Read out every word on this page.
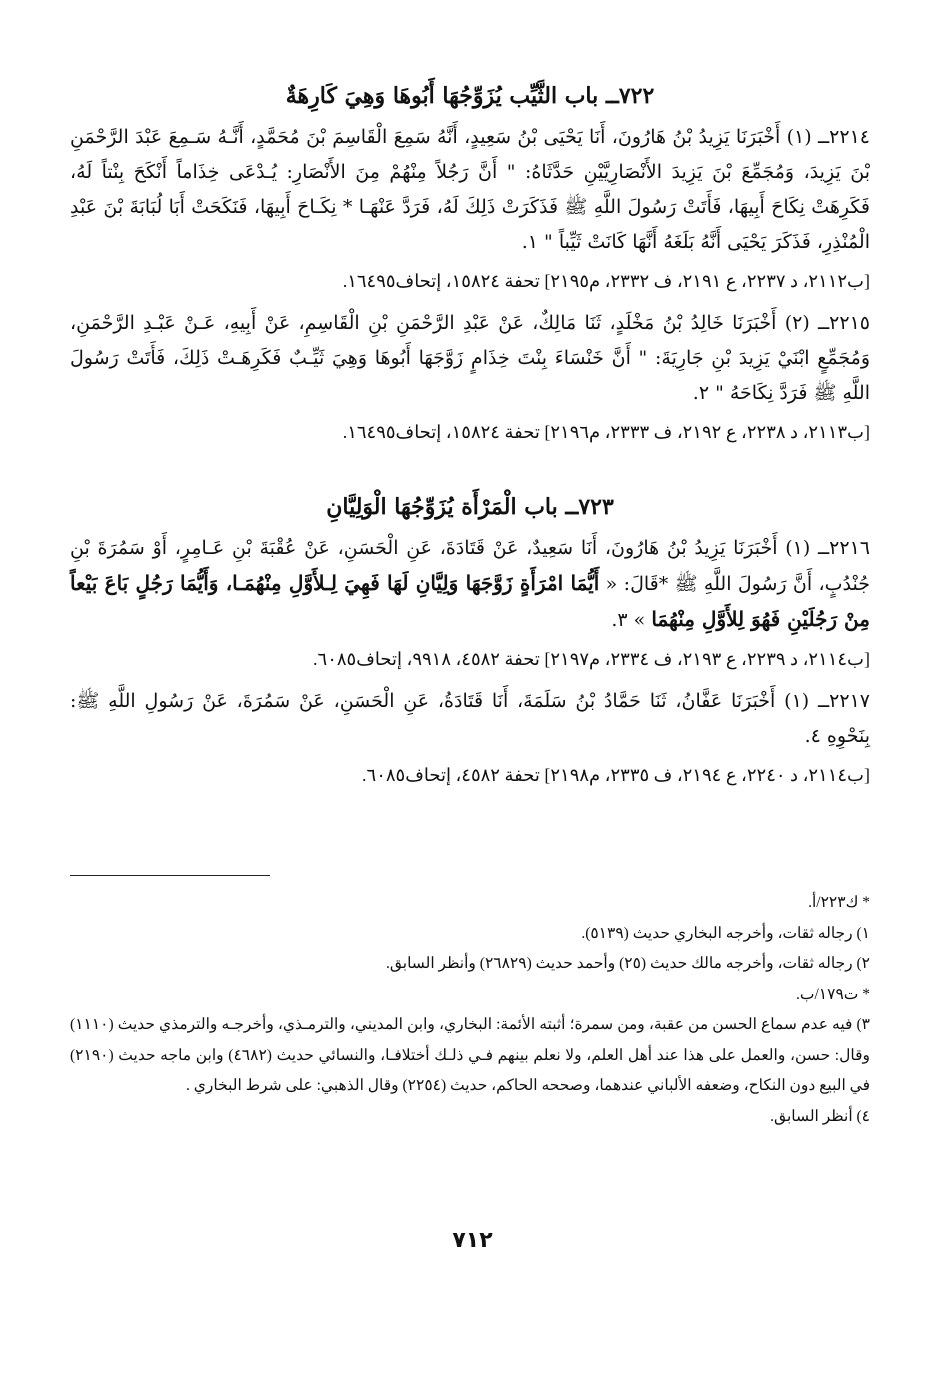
٧٢٢ــ باب الثَّيِّب يُزَوِّجُهَا أَبُوهَا وَهِيَ كَارِهَةٌ

٢٢١٤ــ (١) أَخْبَرَنَا يَزِيدُ بْنُ هَارُونَ، أَنَا يَحْيَى بْنُ سَعِيدٍ، أَنَّهُ سَمِعَ الْقَاسِمَ بْنَ مُحَمَّدٍ، أَنَّـهُ سَـمِعَ عَبْدَ الرَّحْمَنِ بْنَ يَزِيدَ، وَمُجَمِّعَ بْنَ يَزِيدَ الأَنْصَارِيَّيْنِ حَدَّثَاهُ: " أَنَّ رَجُلاً مِنْهُمْ مِنَ الأَنْصَارِ: يُـدْعَى خِذَاماً أَنْكَحَ بِنْتاً لَهُ، فَكَرِهَتْ نِكَاحَ أَبِيهَا، فَأَتَتْ رَسُولَ اللَّهِ ﷺ فَذَكَرَتْ ذَلِكَ لَهُ، فَرَدَّ عَنْهَـا * نِكَـاحَ أَبِيهَا، فَنَكَحَتْ أَبَا لُبَابَةَ بْنَ عَبْدِ الْمُنْذِرِ، فَذَكَرَ يَحْيَى أَنَّهُ بَلَغَهُ أَنَّهَا كَانَتْ ثَيِّباً " ١.

[ب٢١١٢، د ٢٢٣٧، ع ٢١٩١، ف ٢٣٣٢، م٢١٩٥] تحفة ١٥٨٢٤، إتحاف١٦٤٩٥.

٢٢١٥ــ (٢) أَخْبَرَنَا خَالِدُ بْنُ مَخْلَدٍ، ثَنَا مَالِكٌ، عَنْ عَبْدِ الرَّحْمَنِ بْنِ الْقَاسِمِ، عَنْ أَبِيهِ، عَـنْ عَبْـدِ الرَّحْمَنِ، وَمُجَمِّعٍ ابْنَيْ يَزِيدَ بْنِ جَارِيَةَ: " أَنَّ خَنْسَاءَ بِنْتَ خِذَامٍ زَوَّجَهَا أَبُوهَا وَهِيَ ثَيِّـبٌ فَكَرِهَـتْ ذَلِكَ، فَأَتَتْ رَسُولَ اللَّهِ ﷺ فَرَدَّ نِكَاحَهُ " ٢.

[ب٢١١٣، د ٢٢٣٨، ع ٢١٩٢، ف ٢٣٣٣، م٢١٩٦] تحفة ١٥٨٢٤، إتحاف١٦٤٩٥.

٧٢٣ــ باب الْمَرْأَة يُزَوِّجُهَا الْوَلِيَّانِ

٢٢١٦ــ (١) أَخْبَرَنَا يَزِيدُ بْنُ هَارُونَ، أَنَا سَعِيدٌ، عَنْ قَتَادَةَ، عَنِ الْحَسَنِ، عَنْ عُقْبَةَ بْنِ عَـامِرٍ، أَوْ سَمُرَةَ بْنِ جُنْدُبٍ، أَنَّ رَسُولَ اللَّهِ ﷺ *قَالَ: « أَيُّمَا امْرَأَةٍ زَوَّجَهَا وَلِيَّانِ لَهَا فَهِيَ لِـلأَوَّلِ مِنْهُمَـا، وَأَيُّمَا رَجُلٍ بَاعَ بَيْعاً مِنْ رَجُلَيْنِ فَهُوَ لِلأَوَّلِ مِنْهُمَا » ٣.

[ب٢١١٤، د ٢٢٣٩، ع ٢١٩٣، ف ٢٣٣٤، م٢١٩٧] تحفة ٤٥٨٢، ٩٩١٨، إتحاف٦٠٨٥.

٢٢١٧ــ (١) أَخْبَرَنَا عَفَّانُ، ثَنَا حَمَّادُ بْنُ سَلَمَةَ، أَنَا قَتَادَةُ، عَنِ الْحَسَنِ، عَنْ سَمُرَةَ، عَنْ رَسُولِ اللَّهِ ﷺ: بِنَحْوِهِ ٤.

[ب٢١١٤، د ٢٢٤٠، ع ٢١٩٤، ف ٢٣٣٥، م٢١٩٨] تحفة ٤٥٨٢، إتحاف٦٠٨٥.

* ك٢٢٣/أ.

١) رجاله ثقات، وأخرجه البخاري حديث (٥١٣٩).

٢) رجاله ثقات، وأخرجه مالك حديث (٢٥) وأحمد حديث (٢٦٨٢٩) وأنظر السابق.

* ت١٧٩/ب.

٣) فيه عدم سماع الحسن من عقبة، ومن سمرة؛ أثبته الأئمة: البخاري، وابن المديني، والترمـذي، وأخرجـه والترمذي حديث (١١١٠) وقال: حسن، والعمل على هذا عند أهل العلم، ولا نعلم بينهم فـي ذلـك أختلافـا، والنسائي حديث (٤٦٨٢) وابن ماجه حديث (٢١٩٠) في البيع دون النكاح، وضعفه الألباني عندهما، وصححه الحاكم، حديث (٢٢٥٤) وقال الذهبي: على شرط البخاري .

٤) أنظر السابق.

٧١٢
